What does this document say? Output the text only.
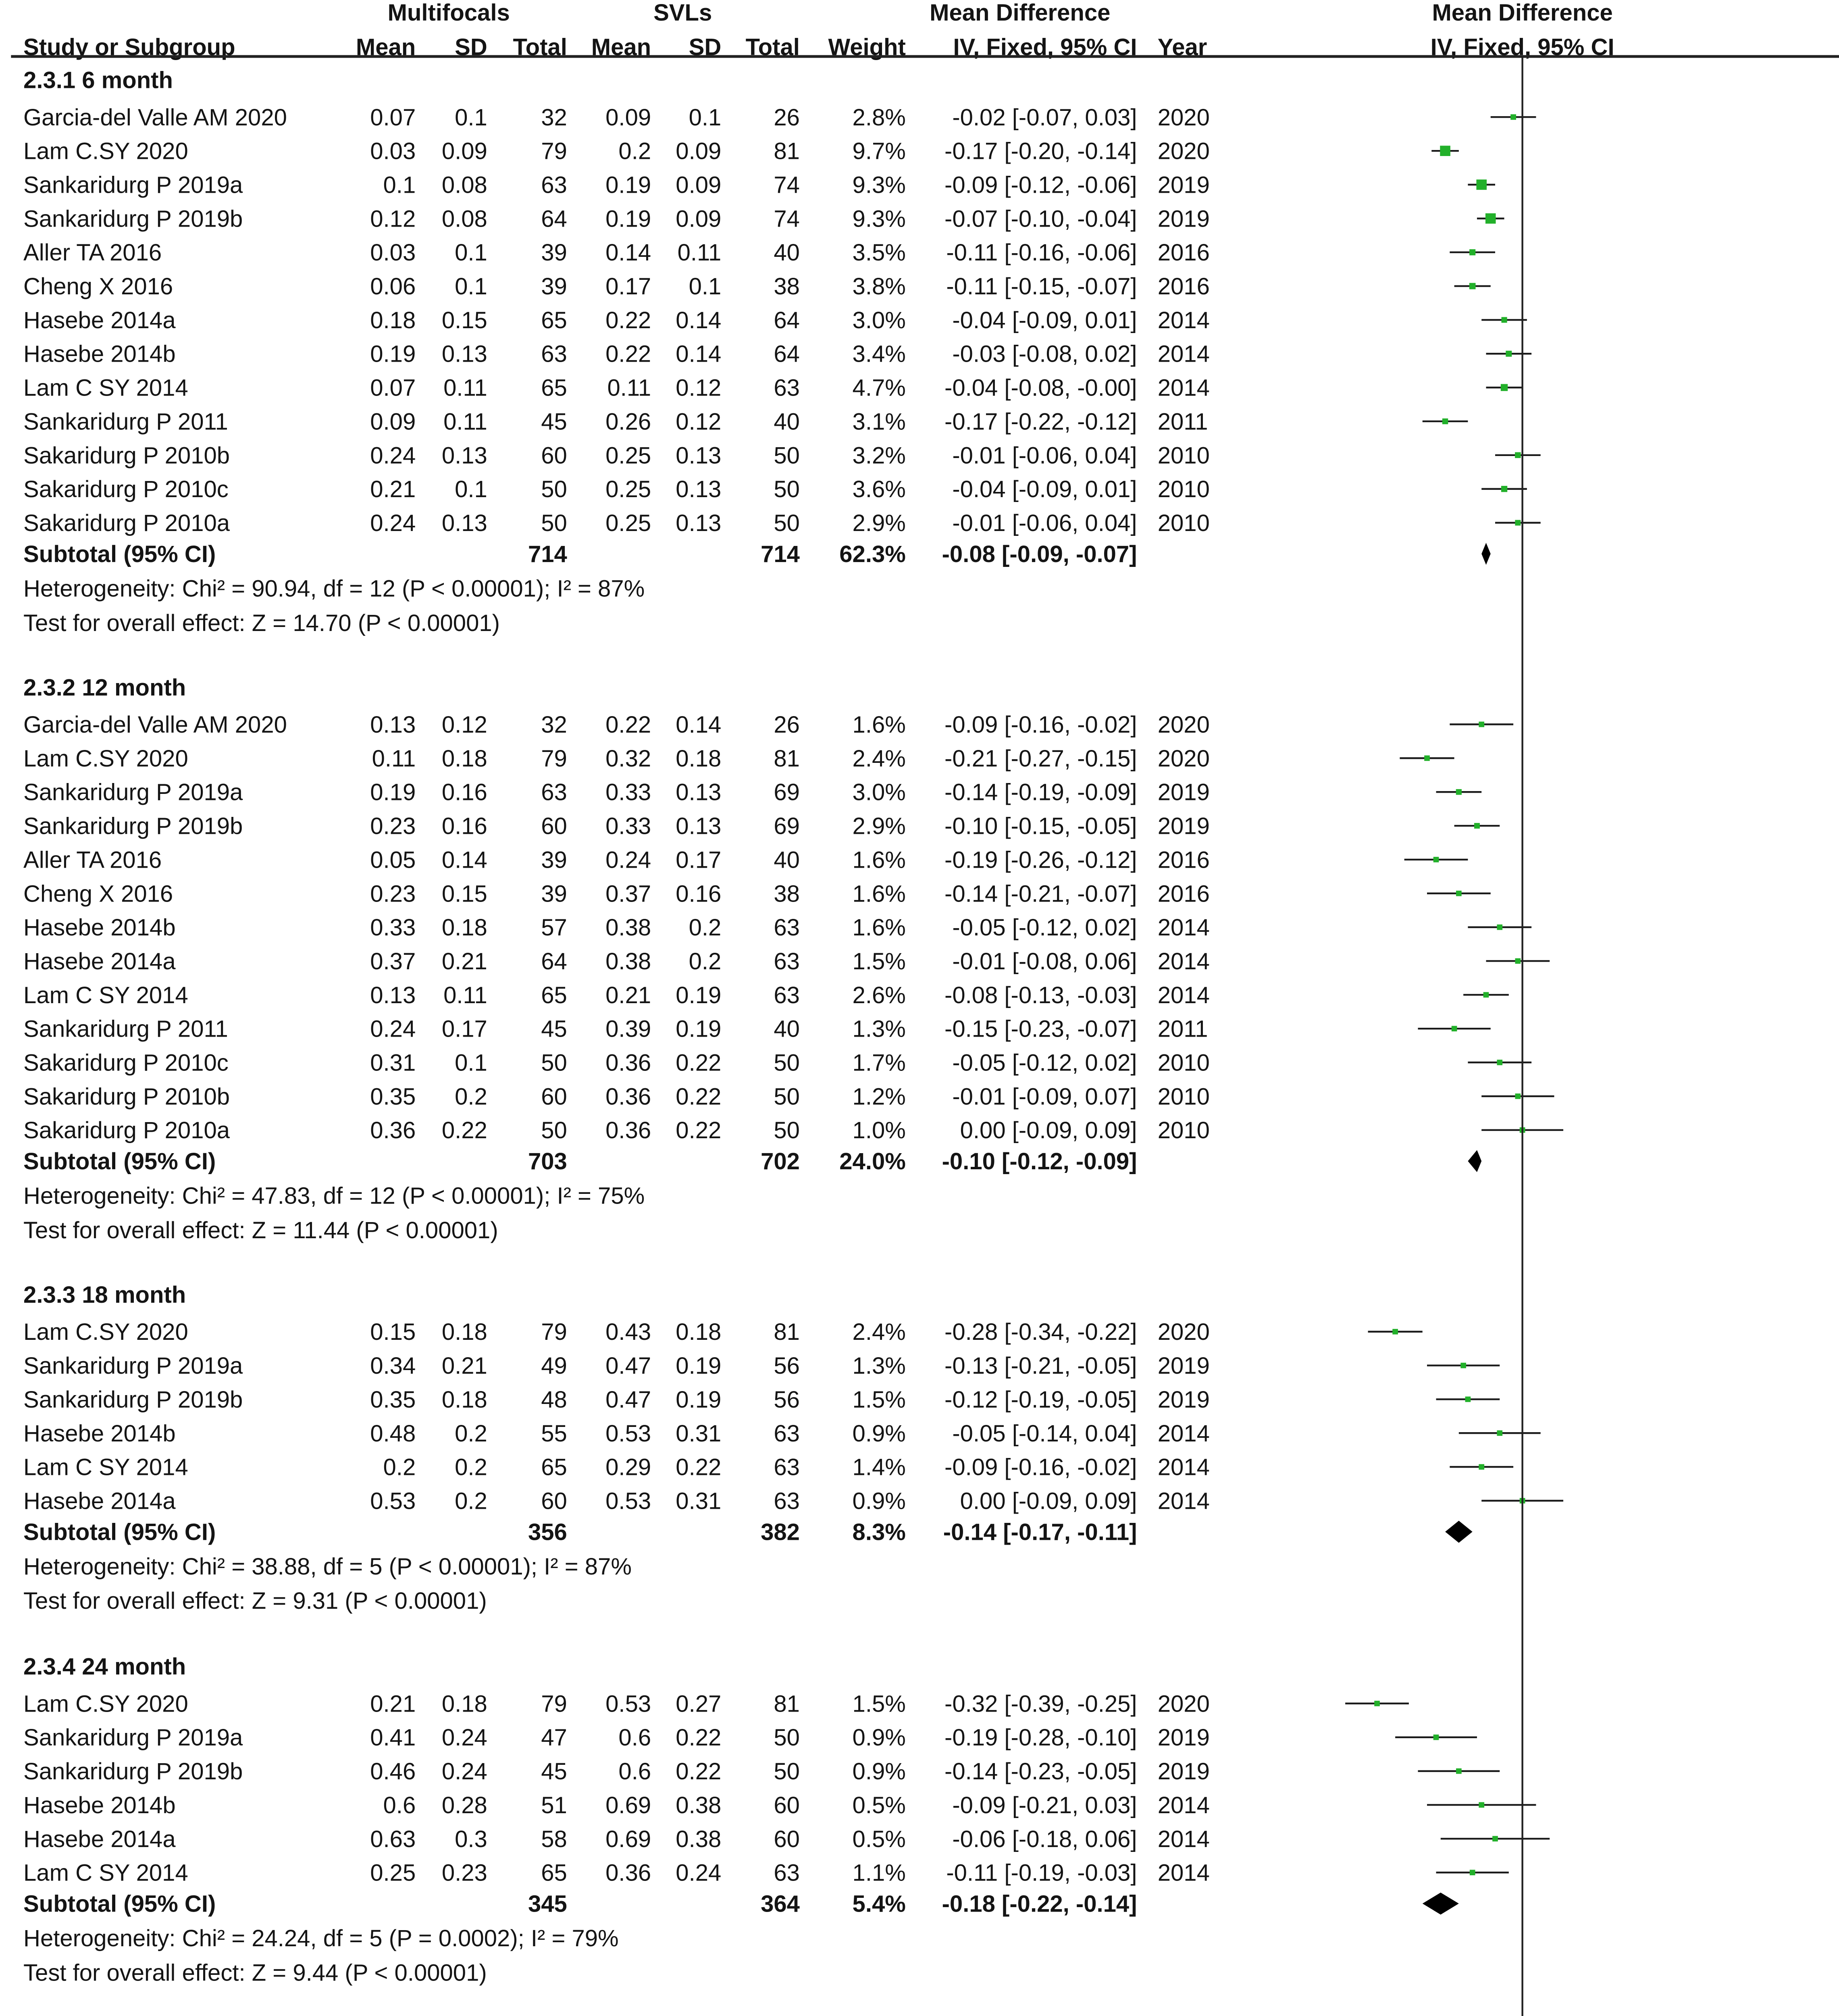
Multifocals	SVLs	Mean Difference	Mean Difference
Study or Subgroup	Mean	SD	Total	Mean	SD	Total	Weight	IV, Fixed, 95% CI	Year	IV, Fixed, 95% CI
2.3.1 6 month
Garcia-del Valle AM 2020	0.07	0.1	32	0.09	0.1	26	2.8%	-0.02 [-0.07, 0.03]	2020
Lam C.SY 2020	0.03	0.09	79	0.2	0.09	81	9.7%	-0.17 [-0.20, -0.14]	2020
Sankaridurg P 2019a	0.1	0.08	63	0.19	0.09	74	9.3%	-0.09 [-0.12, -0.06]	2019
Sankaridurg P 2019b	0.12	0.08	64	0.19	0.09	74	9.3%	-0.07 [-0.10, -0.04]	2019
Aller TA 2016	0.03	0.1	39	0.14	0.11	40	3.5%	-0.11 [-0.16, -0.06]	2016
Cheng X 2016	0.06	0.1	39	0.17	0.1	38	3.8%	-0.11 [-0.15, -0.07]	2016
Hasebe 2014a	0.18	0.15	65	0.22	0.14	64	3.0%	-0.04 [-0.09, 0.01]	2014
Hasebe 2014b	0.19	0.13	63	0.22	0.14	64	3.4%	-0.03 [-0.08, 0.02]	2014
Lam C SY 2014	0.07	0.11	65	0.11	0.12	63	4.7%	-0.04 [-0.08, -0.00]	2014
Sankaridurg P 2011	0.09	0.11	45	0.26	0.12	40	3.1%	-0.17 [-0.22, -0.12]	2011
Sakaridurg P 2010b	0.24	0.13	60	0.25	0.13	50	3.2%	-0.01 [-0.06, 0.04]	2010
Sakaridurg P 2010c	0.21	0.1	50	0.25	0.13	50	3.6%	-0.04 [-0.09, 0.01]	2010
Sakaridurg P 2010a	0.24	0.13	50	0.25	0.13	50	2.9%	-0.01 [-0.06, 0.04]	2010
Subtotal (95% CI)	714	714	62.3%	-0.08 [-0.09, -0.07]
Heterogeneity: Chi² = 90.94, df = 12 (P < 0.00001); I² = 87%
Test for overall effect: Z = 14.70 (P < 0.00001)
2.3.2 12 month
Garcia-del Valle AM 2020	0.13	0.12	32	0.22	0.14	26	1.6%	-0.09 [-0.16, -0.02]	2020
Lam C.SY 2020	0.11	0.18	79	0.32	0.18	81	2.4%	-0.21 [-0.27, -0.15]	2020
Sankaridurg P 2019a	0.19	0.16	63	0.33	0.13	69	3.0%	-0.14 [-0.19, -0.09]	2019
Sankaridurg P 2019b	0.23	0.16	60	0.33	0.13	69	2.9%	-0.10 [-0.15, -0.05]	2019
Aller TA 2016	0.05	0.14	39	0.24	0.17	40	1.6%	-0.19 [-0.26, -0.12]	2016
Cheng X 2016	0.23	0.15	39	0.37	0.16	38	1.6%	-0.14 [-0.21, -0.07]	2016
Hasebe 2014b	0.33	0.18	57	0.38	0.2	63	1.6%	-0.05 [-0.12, 0.02]	2014
Hasebe 2014a	0.37	0.21	64	0.38	0.2	63	1.5%	-0.01 [-0.08, 0.06]	2014
Lam C SY 2014	0.13	0.11	65	0.21	0.19	63	2.6%	-0.08 [-0.13, -0.03]	2014
Sankaridurg P 2011	0.24	0.17	45	0.39	0.19	40	1.3%	-0.15 [-0.23, -0.07]	2011
Sakaridurg P 2010c	0.31	0.1	50	0.36	0.22	50	1.7%	-0.05 [-0.12, 0.02]	2010
Sakaridurg P 2010b	0.35	0.2	60	0.36	0.22	50	1.2%	-0.01 [-0.09, 0.07]	2010
Sakaridurg P 2010a	0.36	0.22	50	0.36	0.22	50	1.0%	0.00 [-0.09, 0.09]	2010
Subtotal (95% CI)	703	702	24.0%	-0.10 [-0.12, -0.09]
Heterogeneity: Chi² = 47.83, df = 12 (P < 0.00001); I² = 75%
Test for overall effect: Z = 11.44 (P < 0.00001)
2.3.3 18 month
Lam C.SY 2020	0.15	0.18	79	0.43	0.18	81	2.4%	-0.28 [-0.34, -0.22]	2020
Sankaridurg P 2019a	0.34	0.21	49	0.47	0.19	56	1.3%	-0.13 [-0.21, -0.05]	2019
Sankaridurg P 2019b	0.35	0.18	48	0.47	0.19	56	1.5%	-0.12 [-0.19, -0.05]	2019
Hasebe 2014b	0.48	0.2	55	0.53	0.31	63	0.9%	-0.05 [-0.14, 0.04]	2014
Lam C SY 2014	0.2	0.2	65	0.29	0.22	63	1.4%	-0.09 [-0.16, -0.02]	2014
Hasebe 2014a	0.53	0.2	60	0.53	0.31	63	0.9%	0.00 [-0.09, 0.09]	2014
Subtotal (95% CI)	356	382	8.3%	-0.14 [-0.17, -0.11]
Heterogeneity: Chi² = 38.88, df = 5 (P < 0.00001); I² = 87%
Test for overall effect: Z = 9.31 (P < 0.00001)
2.3.4 24 month
Lam C.SY 2020	0.21	0.18	79	0.53	0.27	81	1.5%	-0.32 [-0.39, -0.25]	2020
Sankaridurg P 2019a	0.41	0.24	47	0.6	0.22	50	0.9%	-0.19 [-0.28, -0.10]	2019
Sankaridurg P 2019b	0.46	0.24	45	0.6	0.22	50	0.9%	-0.14 [-0.23, -0.05]	2019
Hasebe 2014b	0.6	0.28	51	0.69	0.38	60	0.5%	-0.09 [-0.21, 0.03]	2014
Hasebe 2014a	0.63	0.3	58	0.69	0.38	60	0.5%	-0.06 [-0.18, 0.06]	2014
Lam C SY 2014	0.25	0.23	65	0.36	0.24	63	1.1%	-0.11 [-0.19, -0.03]	2014
Subtotal (95% CI)	345	364	5.4%	-0.18 [-0.22, -0.14]
Heterogeneity: Chi² = 24.24, df = 5 (P = 0.0002); I² = 79%
Test for overall effect: Z = 9.44 (P < 0.00001)
